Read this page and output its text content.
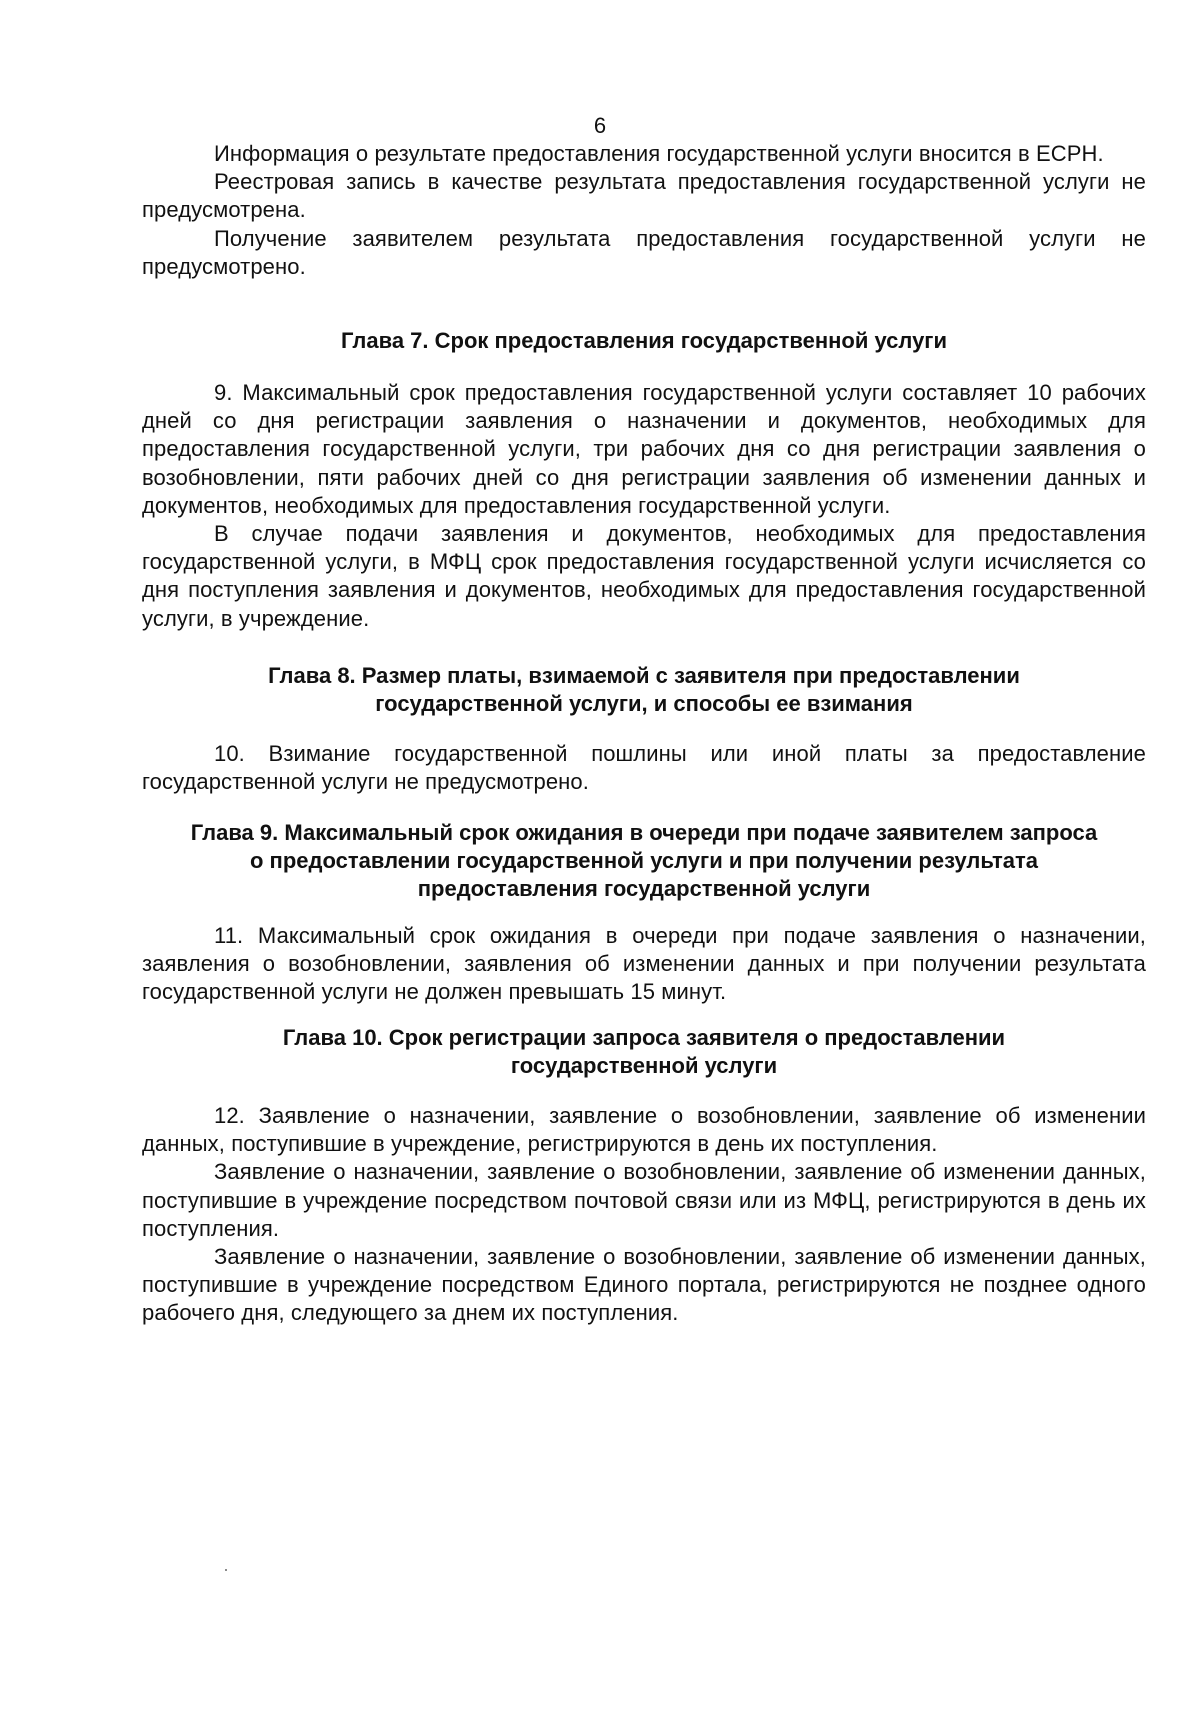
6

Информация о результате предоставления государственной услуги вносится в ЕСРН.

Реестровая запись в качестве результата предоставления государственной услуги не предусмотрена.

Получение заявителем результата предоставления государственной услуги не предусмотрено.

Глава 7. Срок предоставления государственной услуги

9. Максимальный срок предоставления государственной услуги составляет 10 рабочих дней со дня регистрации заявления о назначении и документов, необходимых для предоставления государственной услуги, три рабочих дня со дня регистрации заявления о возобновлении, пяти рабочих дней со дня регистрации заявления об изменении данных и документов, необходимых для предоставления государственной услуги.

В случае подачи заявления и документов, необходимых для предоставления государственной услуги, в МФЦ срок предоставления государственной услуги исчисляется со дня поступления заявления и документов, необходимых для предоставления государственной услуги, в учреждение.

Глава 8. Размер платы, взимаемой с заявителя при предоставлении
государственной услуги, и способы ее взимания

10. Взимание государственной пошлины или иной платы за предоставление государственной услуги не предусмотрено.

Глава 9. Максимальный срок ожидания в очереди при подаче заявителем запроса
о предоставлении государственной услуги и при получении результата
предоставления государственной услуги

11. Максимальный срок ожидания в очереди при подаче заявления о назначении, заявления о возобновлении, заявления об изменении данных и при получении результата государственной услуги не должен превышать 15 минут.

Глава 10. Срок регистрации запроса заявителя о предоставлении
государственной услуги

12. Заявление о назначении, заявление о возобновлении, заявление об изменении данных, поступившие в учреждение, регистрируются в день их поступления.

Заявление о назначении, заявление о возобновлении, заявление об изменении данных, поступившие в учреждение посредством почтовой связи или из МФЦ, регистрируются в день их поступления.

Заявление о назначении, заявление о возобновлении, заявление об изменении данных, поступившие в учреждение посредством Единого портала, регистрируются не позднее одного рабочего дня, следующего за днем их поступления.
